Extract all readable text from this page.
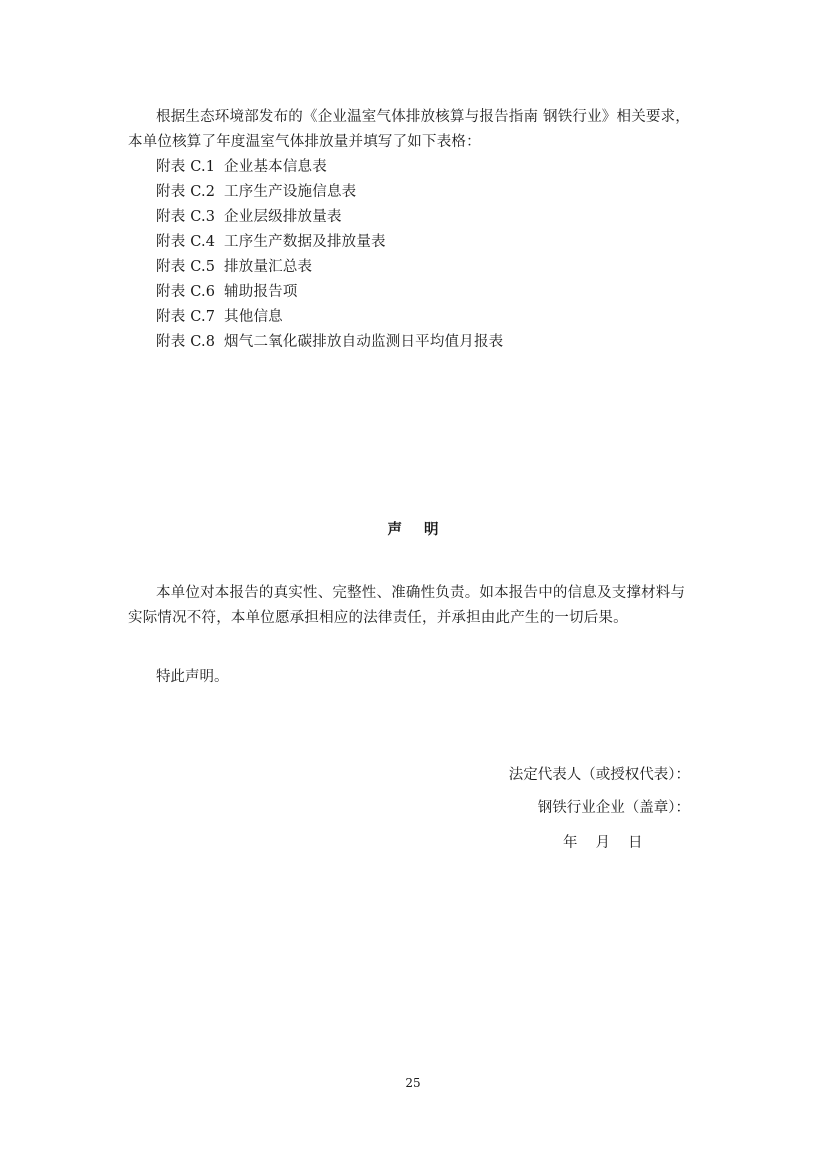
根据生态环境部发布的《企业温室气体排放核算与报告指南 钢铁行业》相关要求，本单位核算了年度温室气体排放量并填写了如下表格：

附表 C.1 企业基本信息表
附表 C.2 工序生产设施信息表
附表 C.3 企业层级排放量表
附表 C.4 工序生产数据及排放量表
附表 C.5 排放量汇总表
附表 C.6 辅助报告项
附表 C.7 其他信息
附表 C.8 烟气二氧化碳排放自动监测日平均值月报表
声明

本单位对本报告的真实性、完整性、准确性负责。如本报告中的信息及支撑材料与实际情况不符，本单位愿承担相应的法律责任，并承担由此产生的一切后果。

特此声明。

法定代表人（或授权代表）：

钢铁行业企业（盖章）：

年 月 日

25
